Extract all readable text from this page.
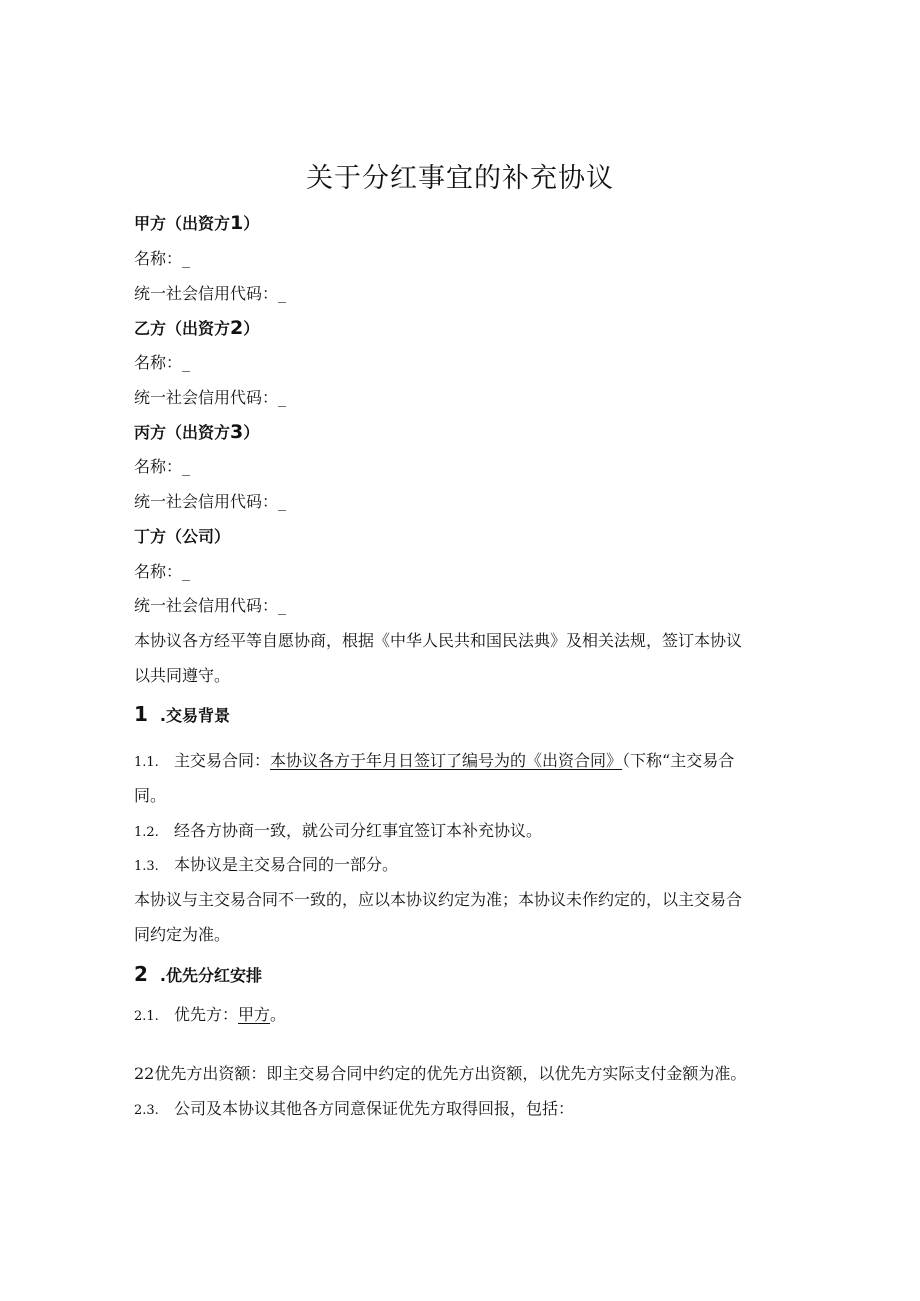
关于分红事宜的补充协议
甲方（出资方1）
名称：_
统一社会信用代码：_
乙方（出资方2）
名称：_
统一社会信用代码：_
丙方（出资方3）
名称：_
统一社会信用代码：_
丁方（公司）
名称：_
统一社会信用代码：_
本协议各方经平等自愿协商，根据《中华人民共和国民法典》及相关法规，签订本协议
以共同遵守。
1 .交易背景
1.1. 主交易合同：本协议各方于年月日签订了编号为的《出资合同》（下称“主交易合
同。
1.2. 经各方协商一致，就公司分红事宜签订本补充协议。
1.3. 本协议是主交易合同的一部分。
本协议与主交易合同不一致的，应以本协议约定为准；本协议未作约定的，以主交易合
同约定为准。
2 .优先分红安排
2.1. 优先方：甲方。
22优先方出资额：即主交易合同中约定的优先方出资额，以优先方实际支付金额为准。
2.3. 公司及本协议其他各方同意保证优先方取得回报，包括：
